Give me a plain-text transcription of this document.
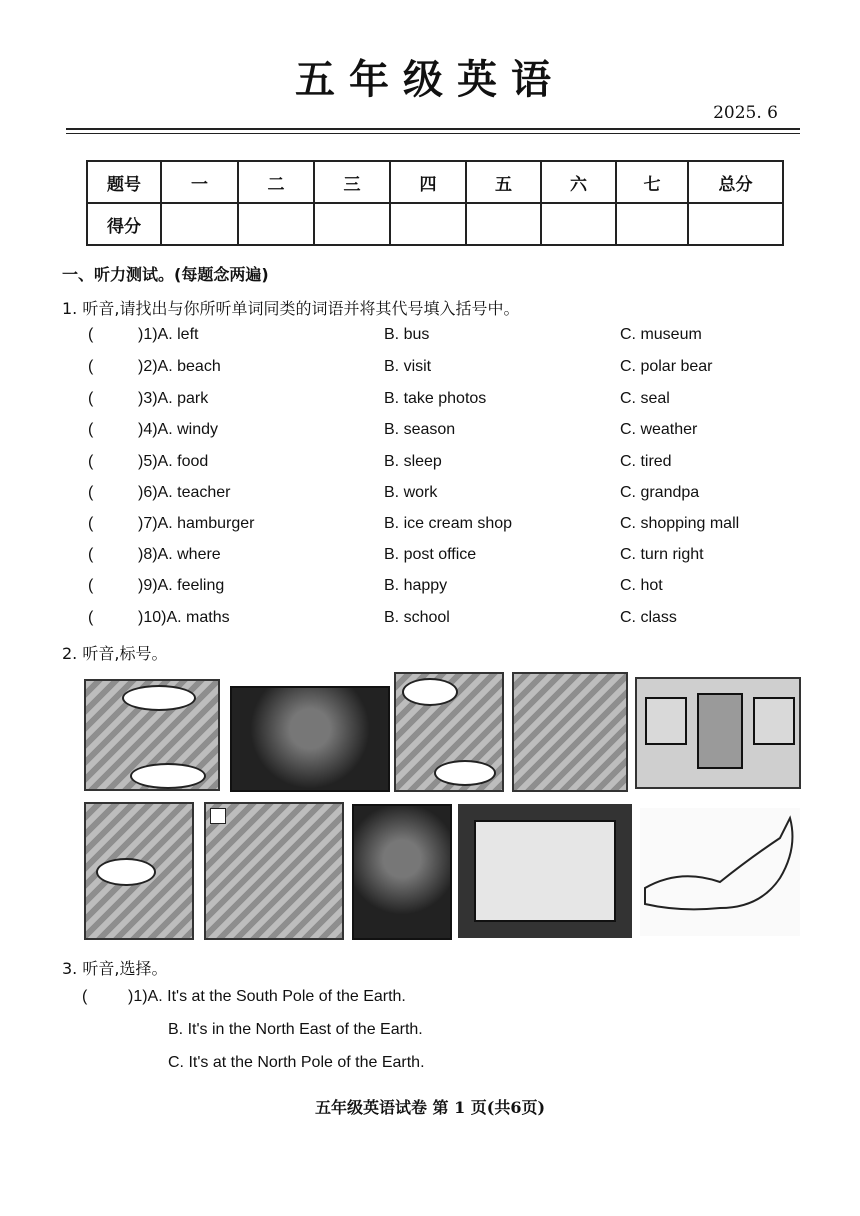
五年级英语
2025. 6
题号	一	二	三	四	五	六	七	总分
得分								
一、听力测试。(每题念两遍)
1. 听音,请找出与你所听单词同类的词语并将其代号填入括号中。
(	)1)A. left	B. bus	C. museum
(	)2)A. beach	B. visit	C. polar bear
(	)3)A. park	B. take photos	C. seal
(	)4)A. windy	B. season	C. weather
(	)5)A. food	B. sleep	C. tired
(	)6)A. teacher	B. work	C. grandpa
(	)7)A. hamburger	B. ice cream shop	C. shopping mall
(	)8)A. where	B. post office	C. turn right
(	)9)A. feeling	B. happy	C. hot
(	)10)A. maths	B. school	C. class
2. 听音,标号。
3. 听音,选择。
(	)1)A. It's at the South Pole of the Earth.
B. It's in the North East of the Earth.
C. It's at the North Pole of the Earth.
五年级英语试卷 第 1 页(共6页)
